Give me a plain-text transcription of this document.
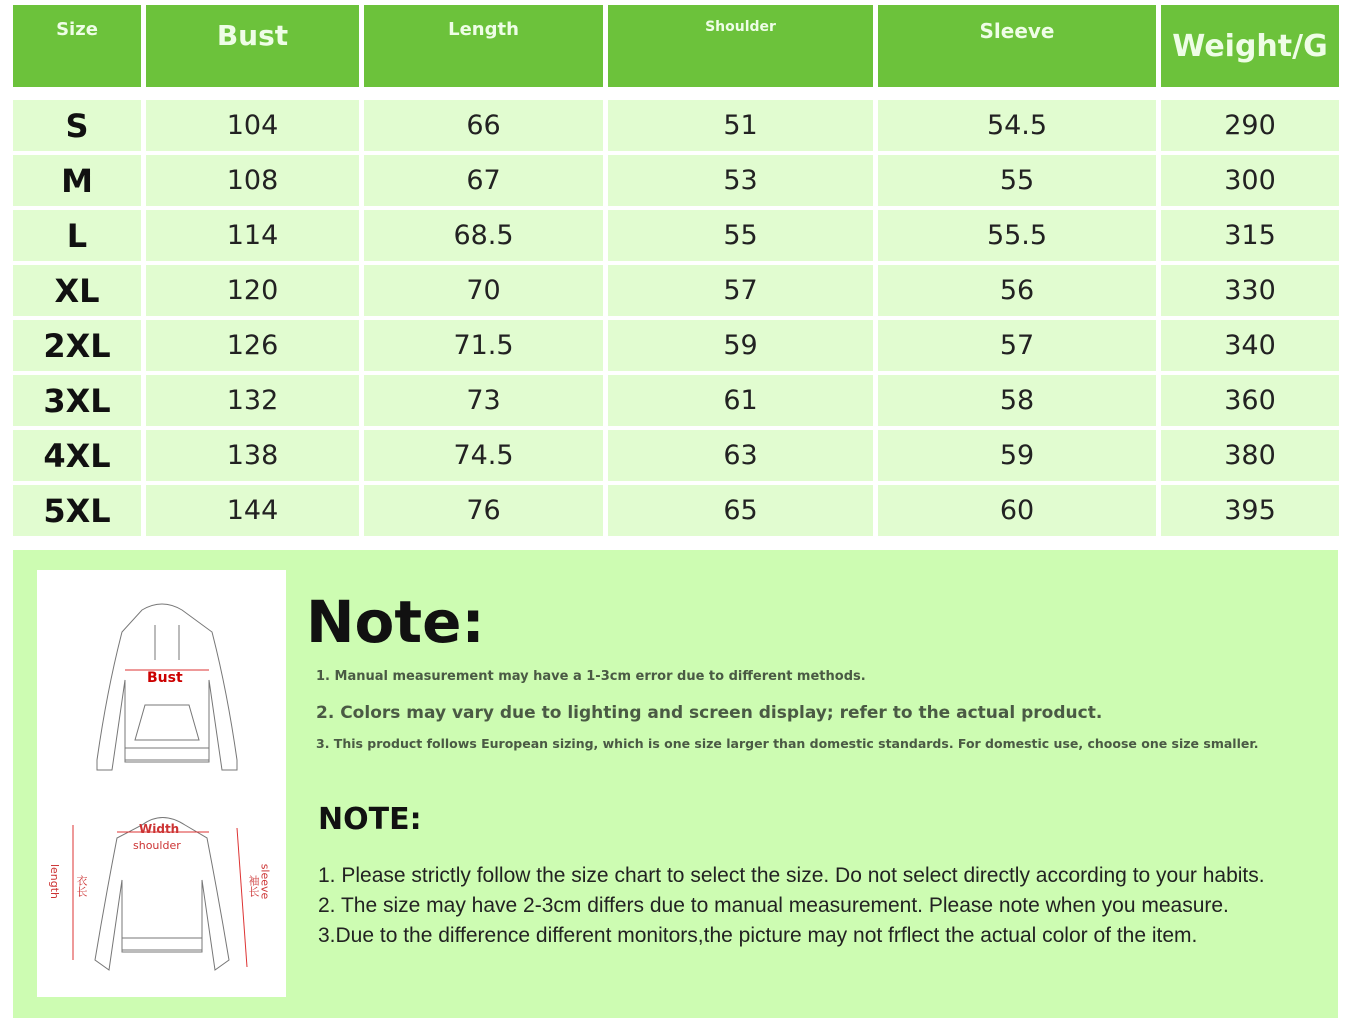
Size	Bust	Length	Shoulder	Sleeve	Weight/G
S	104	66	51	54.5	290
M	108	67	53	55	300
L	114	68.5	55	55.5	315
XL	120	70	57	56	330
2XL	126	71.5	59	57	340
3XL	132	73	61	58	360
4XL	138	74.5	63	59	380
5XL	144	76	65	60	395
Bust
Width
shoulder
length 衣长	袖长
sleeve
Note:
1. Manual measurement may have a 1-3cm error due to different methods.
2. Colors may vary due to lighting and screen display; refer to the actual product.
3. This product follows European sizing, which is one size larger than domestic standards. For domestic use, choose one size smaller.
NOTE:
1. Please strictly follow the size chart to select the size. Do not select directly according to your habits.
2. The size may have 2-3cm differs due to manual measurement. Please note when you measure.
3.Due to the difference different monitors,the picture may not frflect the actual color of the item.
